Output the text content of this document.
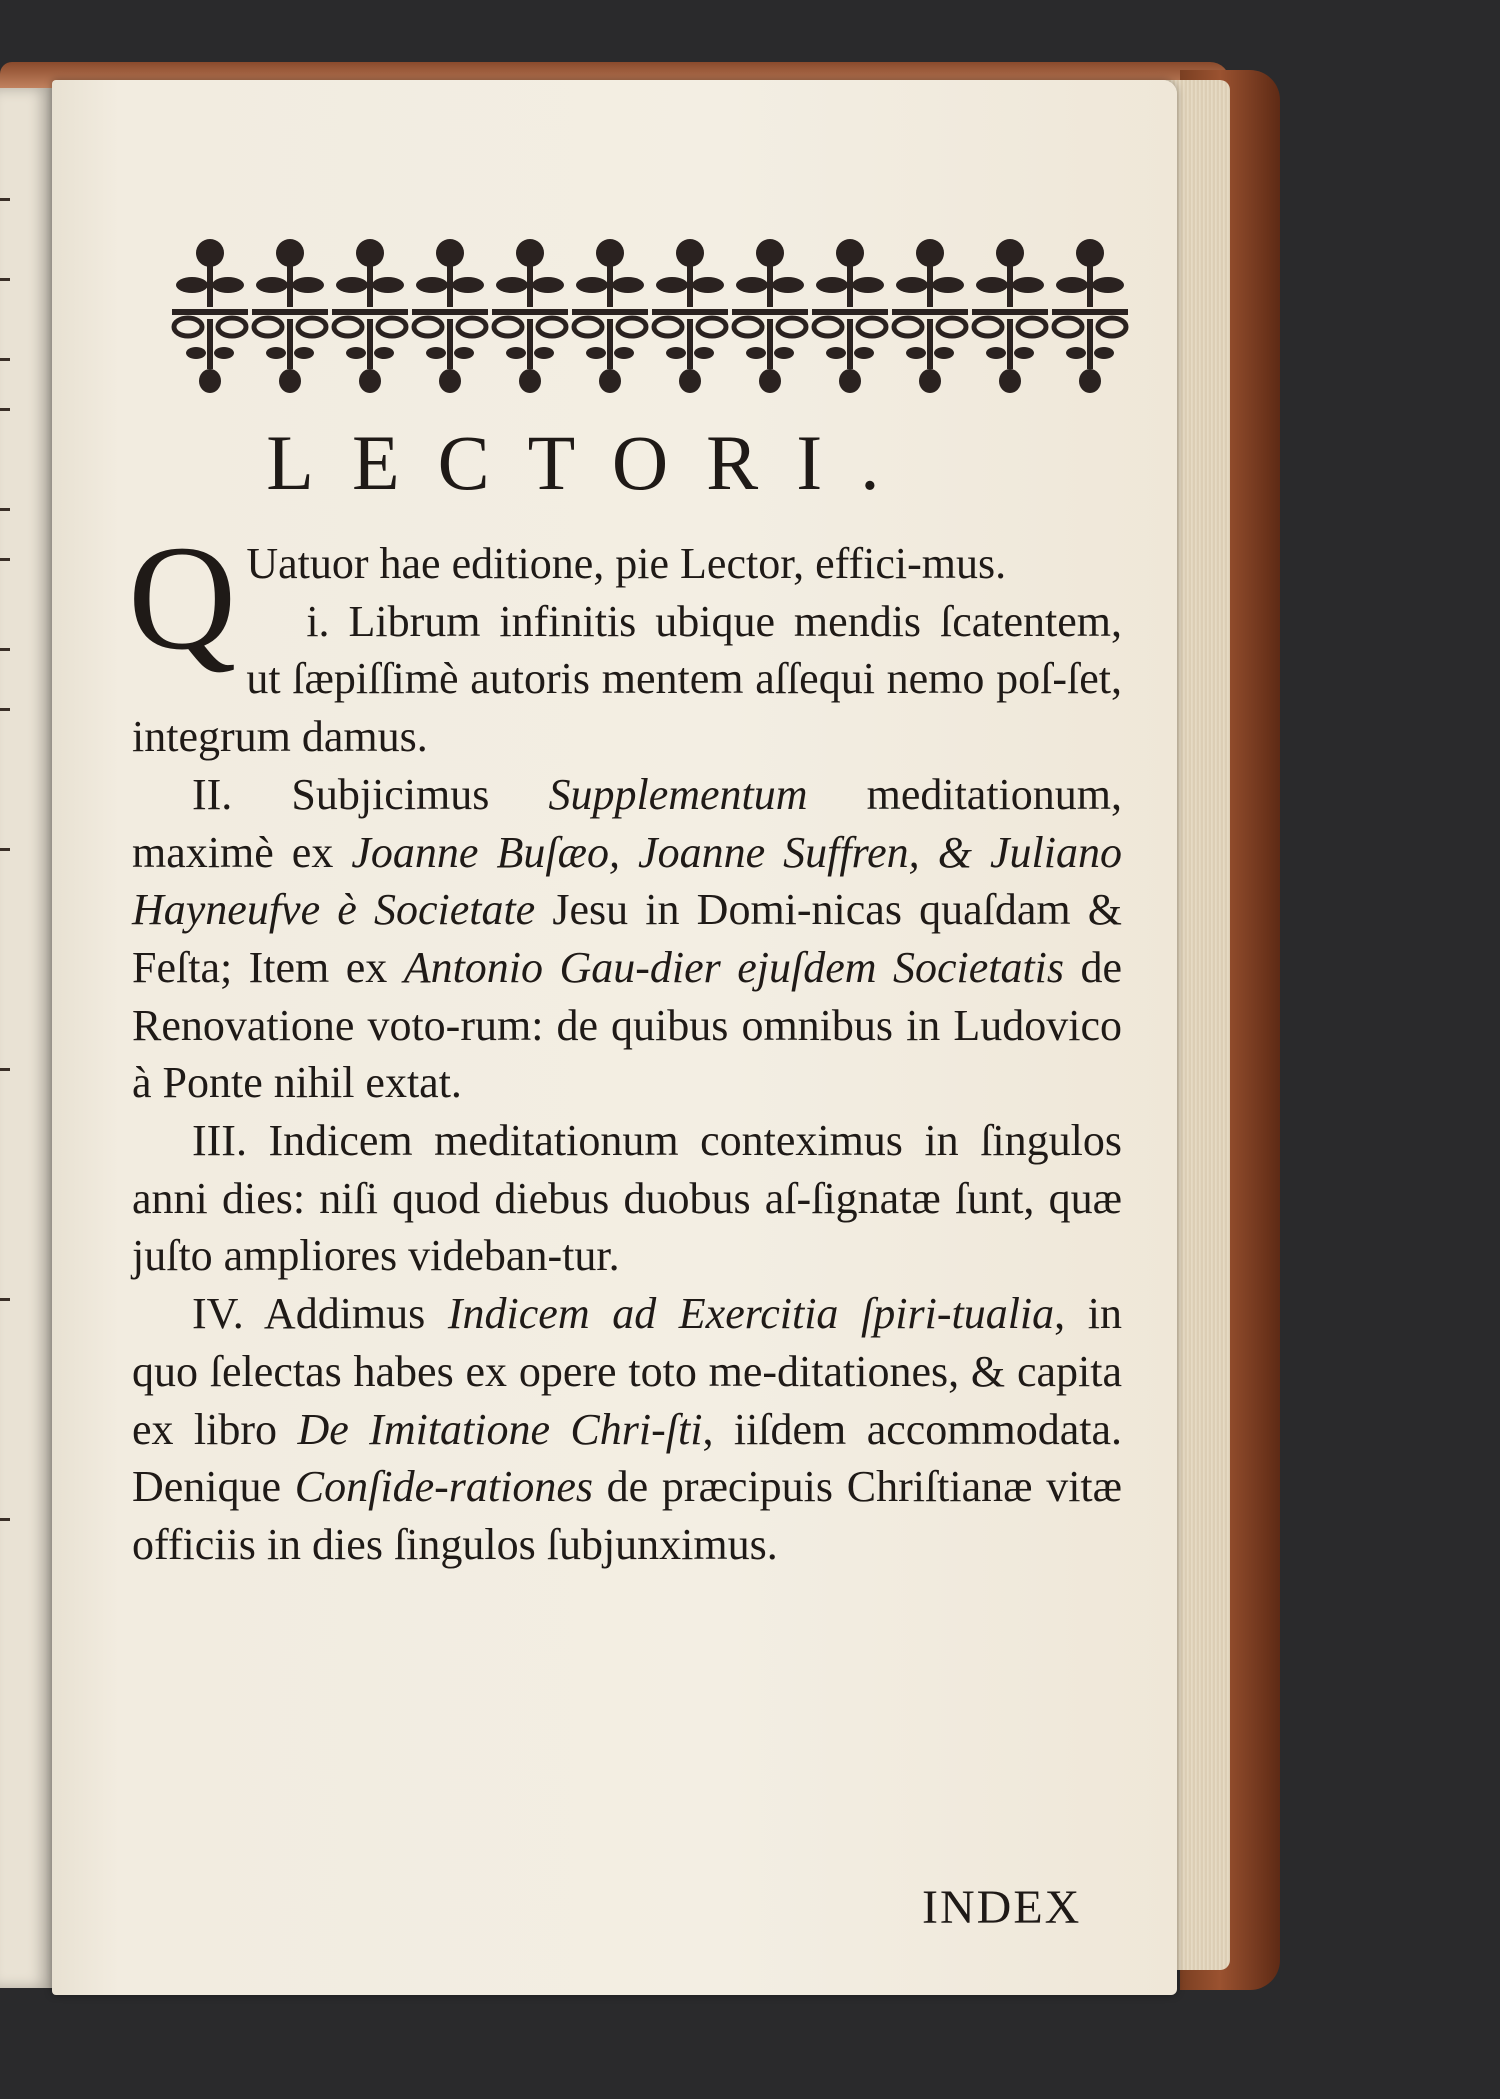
LECTORI.

Q Uatuor hae editione, pie Lector, effici-mus.

i. Librum infinitis ubique mendis ſcatentem, ut ſæpiſſimè autoris mentem aſſequi nemo poſ-ſet, integrum damus.

II. Subjicimus Supplementum meditationum, maximè ex Joanne Buſæo, Joanne Suffren, & Juliano Hayneufve è Societate Jesu in Domi-nicas quaſdam & Feſta; Item ex Antonio Gau-dier ejuſdem Societatis de Renovatione voto-rum: de quibus omnibus in Ludovico à Ponte nihil extat.

III. Indicem meditationum conteximus in ſingulos anni dies: niſi quod diebus duobus aſ-ſignatæ ſunt, quæ juſto ampliores videban-tur.

IV. Addimus Indicem ad Exercitia ſpiri-tualia, in quo ſelectas habes ex opere toto me-ditationes, & capita ex libro De Imitatione Chri-ſti, iiſdem accommodata. Denique Conſide-rationes de præcipuis Chriſtianæ vitæ officiis in dies ſingulos ſubjunximus.

INDEX
